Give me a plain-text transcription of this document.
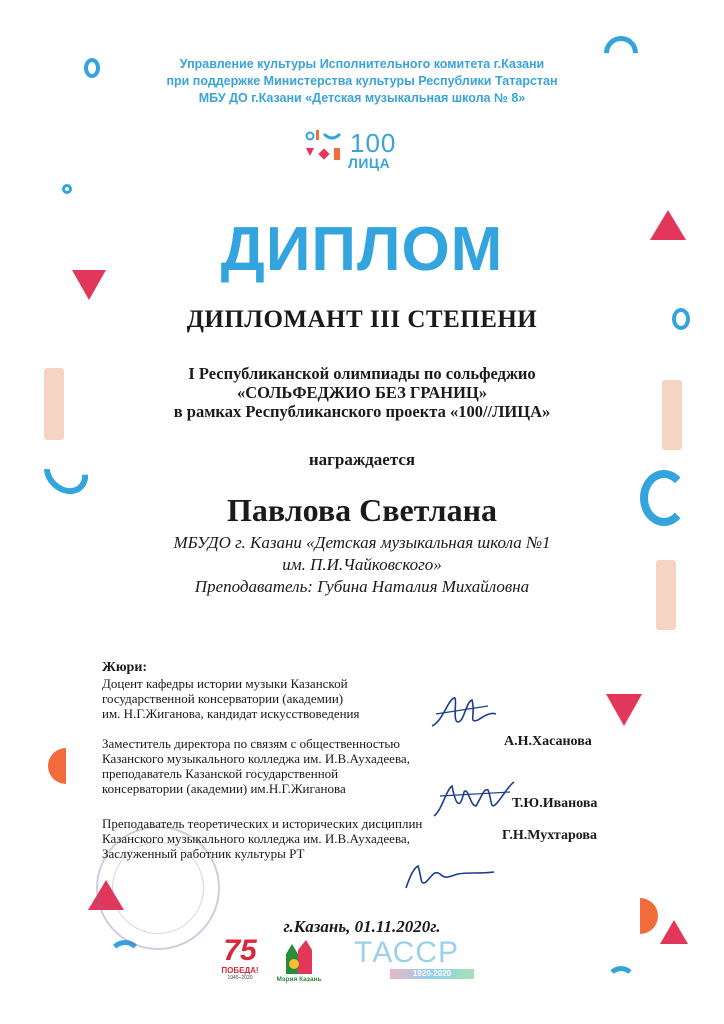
Управление культуры Исполнительного комитета г.Казани
при поддержке Министерства культуры Республики Татарстан
МБУ ДО г.Казани «Детская музыкальная школа № 8»
100
ЛИЦА
ДИПЛОМ
ДИПЛОМАНТ III СТЕПЕНИ
I Республиканской олимпиады по сольфеджио
«СОЛЬФЕДЖИО БЕЗ ГРАНИЦ»
в рамках Республиканского проекта «100//ЛИЦА»
награждается
Павлова Светлана
МБУДО г. Казани «Детская музыкальная школа №1
им. П.И.Чайковского»
Преподаватель: Губина Наталия Михайловна
Жюри:
Доцент кафедры истории музыки Казанской
государственной консерватории (академии)
им. Н.Г.Жиганова, кандидат искусствоведения
А.Н.Хасанова
Заместитель директора по связям с общественностью
Казанского музыкального колледжа им. И.В.Аухадеева,
преподаватель Казанской государственной
консерватории (академии) им.Н.Г.Жиганова
Т.Ю.Иванова
Преподаватель теоретических и исторических дисциплин
Казанского музыкального колледжа им. И.В.Аухадеева,
Заслуженный работник культуры РТ
Г.Н.Мухтарова
г.Казань, 01.11.2020г.
75
ПОБЕДА!
1945–2020	Мэрия Казань
ТАССР
1920-2020
